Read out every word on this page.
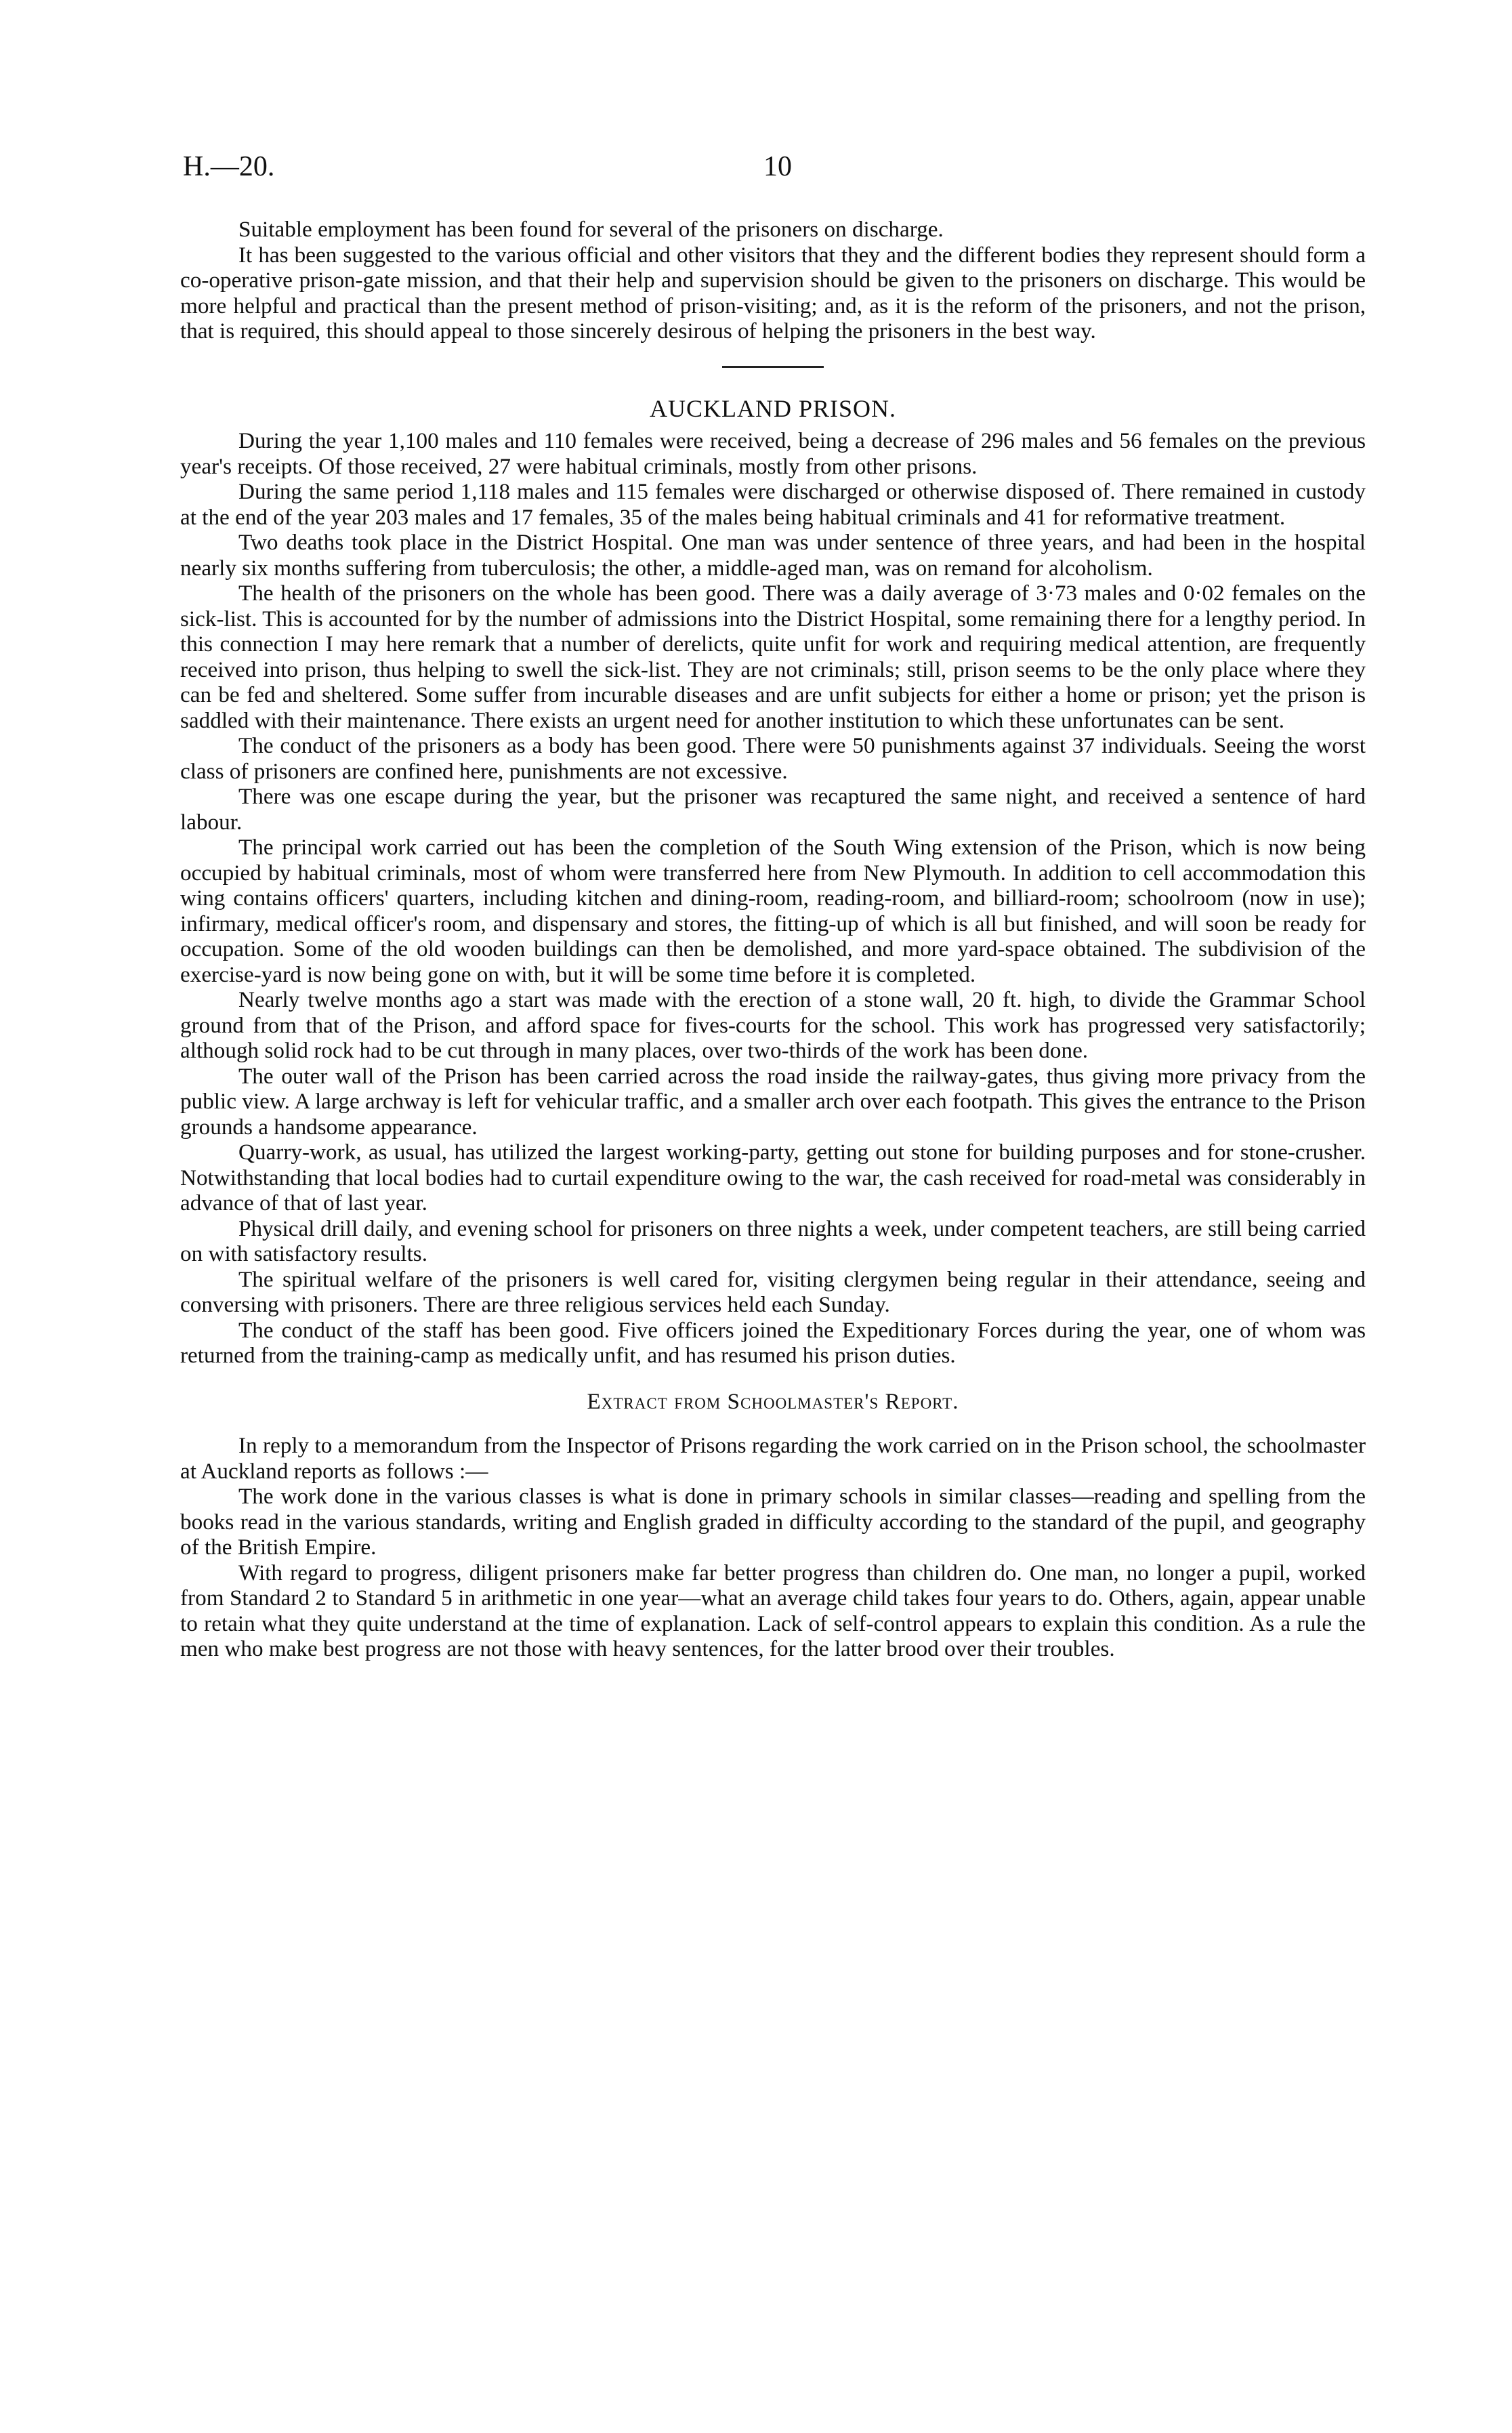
H.—20.	10

Suitable employment has been found for several of the prisoners on discharge.

It has been suggested to the various official and other visitors that they and the different bodies they represent should form a co-operative prison-gate mission, and that their help and supervision should be given to the prisoners on discharge. This would be more helpful and practical than the present method of prison-visiting; and, as it is the reform of the prisoners, and not the prison, that is required, this should appeal to those sincerely desirous of helping the prisoners in the best way.

AUCKLAND PRISON.

During the year 1,100 males and 110 females were received, being a decrease of 296 males and 56 females on the previous year's receipts. Of those received, 27 were habitual criminals, mostly from other prisons.

During the same period 1,118 males and 115 females were discharged or otherwise disposed of. There remained in custody at the end of the year 203 males and 17 females, 35 of the males being habitual criminals and 41 for reformative treatment.

Two deaths took place in the District Hospital. One man was under sentence of three years, and had been in the hospital nearly six months suffering from tuberculosis; the other, a middle-aged man, was on remand for alcoholism.

The health of the prisoners on the whole has been good. There was a daily average of 3·73 males and 0·02 females on the sick-list. This is accounted for by the number of admissions into the District Hospital, some remaining there for a lengthy period. In this connection I may here remark that a number of derelicts, quite unfit for work and requiring medical attention, are frequently received into prison, thus helping to swell the sick-list. They are not criminals; still, prison seems to be the only place where they can be fed and sheltered. Some suffer from incurable diseases and are unfit subjects for either a home or prison; yet the prison is saddled with their maintenance. There exists an urgent need for another institution to which these unfortunates can be sent.

The conduct of the prisoners as a body has been good. There were 50 punishments against 37 individuals. Seeing the worst class of prisoners are confined here, punishments are not excessive.

There was one escape during the year, but the prisoner was recaptured the same night, and received a sentence of hard labour.

The principal work carried out has been the completion of the South Wing extension of the Prison, which is now being occupied by habitual criminals, most of whom were transferred here from New Plymouth. In addition to cell accommodation this wing contains officers' quarters, including kitchen and dining-room, reading-room, and billiard-room; schoolroom (now in use); infirmary, medical officer's room, and dispensary and stores, the fitting-up of which is all but finished, and will soon be ready for occupation. Some of the old wooden buildings can then be demolished, and more yard-space obtained. The subdivision of the exercise-yard is now being gone on with, but it will be some time before it is completed.

Nearly twelve months ago a start was made with the erection of a stone wall, 20 ft. high, to divide the Grammar School ground from that of the Prison, and afford space for fives-courts for the school. This work has progressed very satisfactorily; although solid rock had to be cut through in many places, over two-thirds of the work has been done.

The outer wall of the Prison has been carried across the road inside the railway-gates, thus giving more privacy from the public view. A large archway is left for vehicular traffic, and a smaller arch over each footpath. This gives the entrance to the Prison grounds a handsome appearance.

Quarry-work, as usual, has utilized the largest working-party, getting out stone for building purposes and for stone-crusher. Notwithstanding that local bodies had to curtail expenditure owing to the war, the cash received for road-metal was considerably in advance of that of last year.

Physical drill daily, and evening school for prisoners on three nights a week, under competent teachers, are still being carried on with satisfactory results.

The spiritual welfare of the prisoners is well cared for, visiting clergymen being regular in their attendance, seeing and conversing with prisoners. There are three religious services held each Sunday.

The conduct of the staff has been good. Five officers joined the Expeditionary Forces during the year, one of whom was returned from the training-camp as medically unfit, and has resumed his prison duties.

Extract from Schoolmaster's Report.

In reply to a memorandum from the Inspector of Prisons regarding the work carried on in the Prison school, the schoolmaster at Auckland reports as follows :—

The work done in the various classes is what is done in primary schools in similar classes—reading and spelling from the books read in the various standards, writing and English graded in difficulty according to the standard of the pupil, and geography of the British Empire.

With regard to progress, diligent prisoners make far better progress than children do. One man, no longer a pupil, worked from Standard 2 to Standard 5 in arithmetic in one year—what an average child takes four years to do. Others, again, appear unable to retain what they quite understand at the time of explanation. Lack of self-control appears to explain this condition. As a rule the men who make best progress are not those with heavy sentences, for the latter brood over their troubles.
